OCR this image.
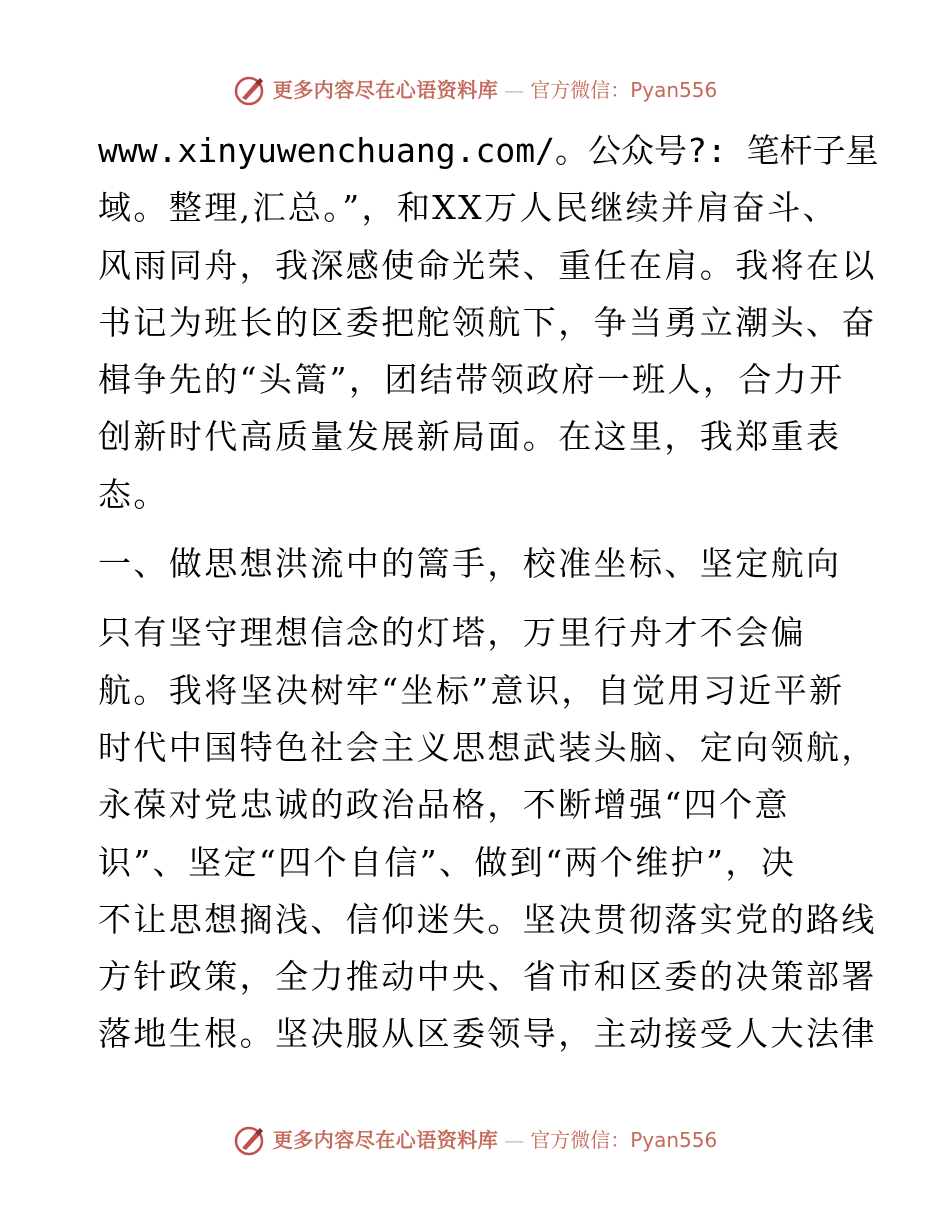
更多内容尽在心语资料库 — 官方微信：Pyan556
www.xinyuwenchuang.com/。公众号?: 笔杆子星
域。整理,汇总。”，和XX万人民继续并肩奋斗、
风雨同舟，我深感使命光荣、重任在肩。我将在以
书记为班长的区委把舵领航下，争当勇立潮头、奋
楫争先的“头篙”，团结带领政府一班人，合力开
创新时代高质量发展新局面。在这里，我郑重表
态。
一、做思想洪流中的篙手，校准坐标、坚定航向
只有坚守理想信念的灯塔，万里行舟才不会偏
航。我将坚决树牢“坐标”意识，自觉用习近平新
时代中国特色社会主义思想武装头脑、定向领航，
永葆对党忠诚的政治品格，不断增强“四个意
识”、坚定“四个自信”、做到“两个维护”，决
不让思想搁浅、信仰迷失。坚决贯彻落实党的路线
方针政策，全力推动中央、省市和区委的决策部署
落地生根。坚决服从区委领导，主动接受人大法律
更多内容尽在心语资料库 — 官方微信：Pyan556
